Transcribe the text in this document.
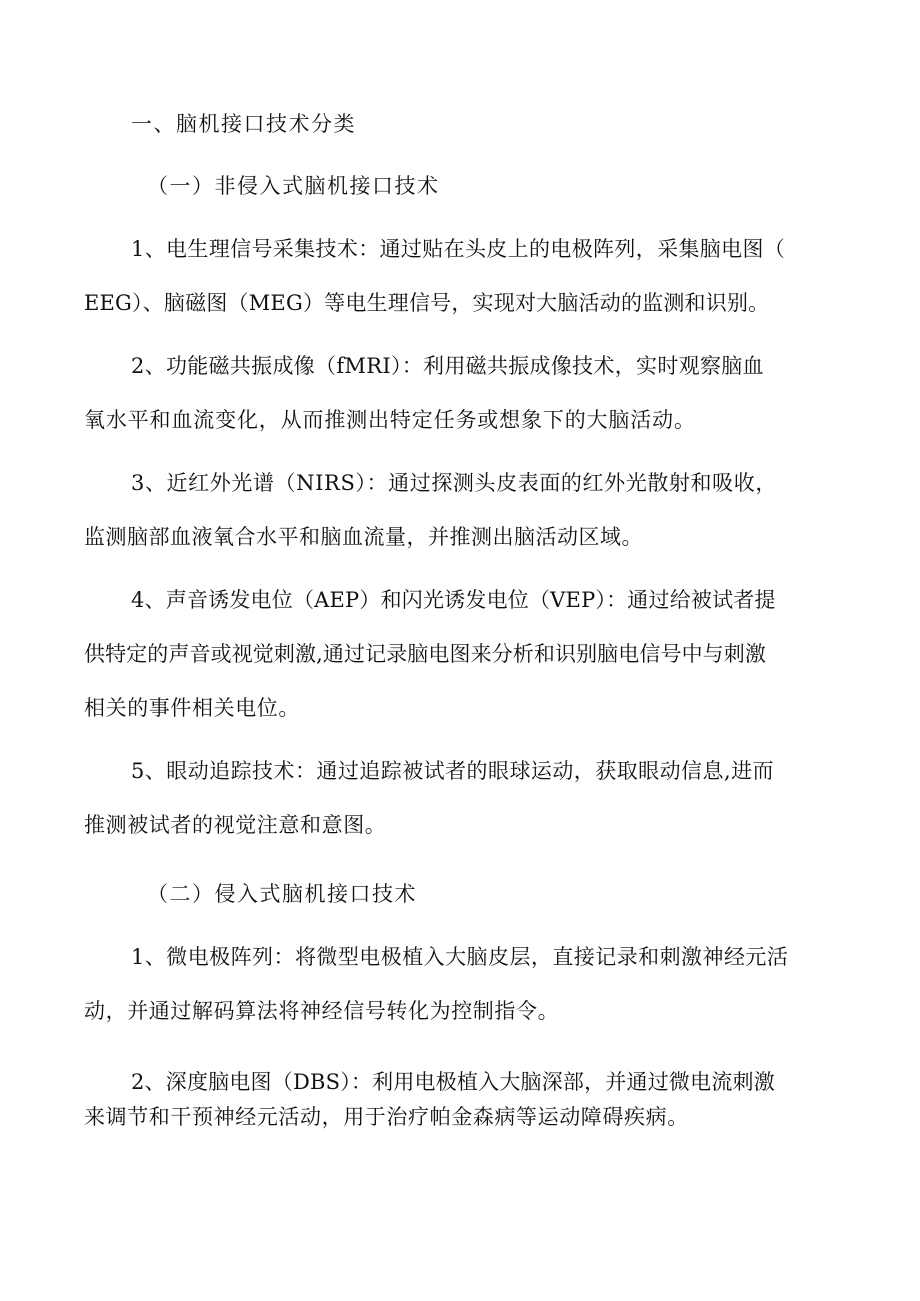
一、脑机接口技术分类

（一）非侵入式脑机接口技术

1、电生理信号采集技术：通过贴在头皮上的电极阵列，采集脑电图（

EEG）、脑磁图（MEG）等电生理信号，实现对大脑活动的监测和识别。

2、功能磁共振成像（fMRI）：利用磁共振成像技术，实时观察脑血

氧水平和血流变化，从而推测出特定任务或想象下的大脑活动。

3、近红外光谱（NIRS）：通过探测头皮表面的红外光散射和吸收，

监测脑部血液氧合水平和脑血流量，并推测出脑活动区域。

4、声音诱发电位（AEP）和闪光诱发电位（VEP）：通过给被试者提

供特定的声音或视觉刺激,通过记录脑电图来分析和识别脑电信号中与刺激

相关的事件相关电位。

5、眼动追踪技术：通过追踪被试者的眼球运动，获取眼动信息,进而

推测被试者的视觉注意和意图。

（二）侵入式脑机接口技术

1、微电极阵列：将微型电极植入大脑皮层，直接记录和刺激神经元活

动，并通过解码算法将神经信号转化为控制指令。

2、深度脑电图（DBS）：利用电极植入大脑深部，并通过微电流刺激

来调节和干预神经元活动，用于治疗帕金森病等运动障碍疾病。
